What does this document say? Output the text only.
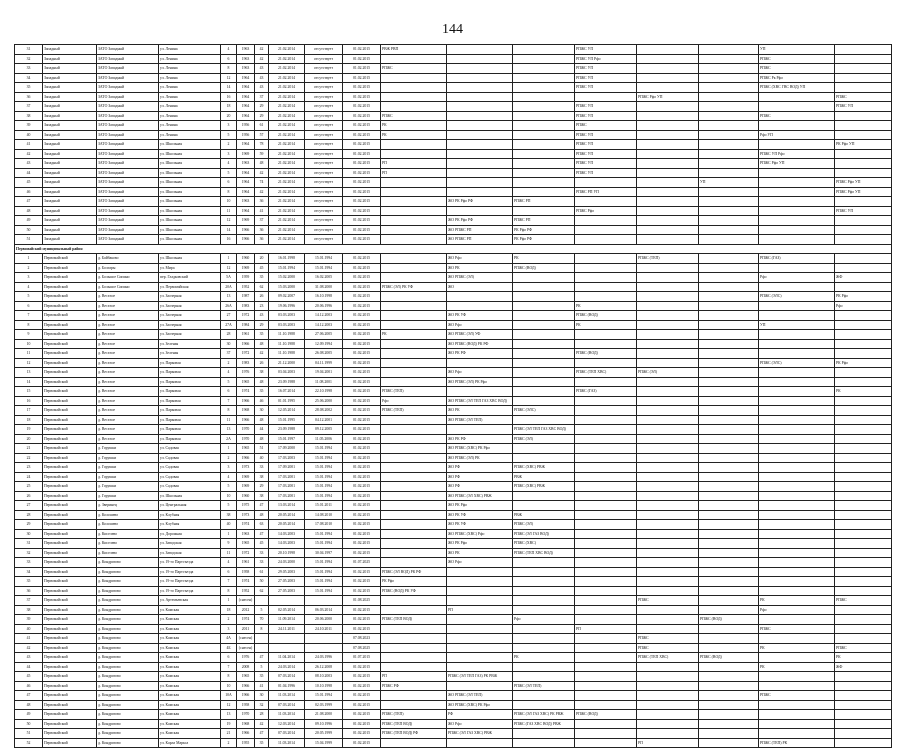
144
31	Западный	ЗАТО Западный	ул. Ленина	4	1963	42	21.02.2014	отсутствует	01.02.2015	РВЖ РВП			РПЖС УП			УП	
32	Западный	ЗАТО Западный	ул. Ленина	6	1963	42	21.02.2014	отсутствует	01.02.2015				РПЖС УП Рфо			РПЖС	
33	Западный	ЗАТО Западный	ул. Ленина	8	1963	43	21.02.2014	отсутствует	01.02.2015	РПЖС			РПЖС УП			РПЖС	
34	Западный	ЗАТО Западный	ул. Ленина	12	1964	43	21.02.2014	отсутствует	01.02.2015				РПЖС УП			РПЖС Рк Рфо	
35	Западный	ЗАТО Западный	ул. Ленина	14	1964	43	21.02.2014	отсутствует	01.02.2015				РПЖС УП			РПЖС (ХВС ГВС ВОД) УП	
36	Западный	ЗАТО Западный	ул. Ленина	16	1964	37	21.02.2014	отсутствует	01.02.2015					РПЖС Рфо УП			РПЖС
37	Западный	ЗАТО Западный	ул. Ленина	18	1964	29	21.02.2014	отсутствует	01.02.2015				РПЖС УП				РПЖС УП
38	Западный	ЗАТО Западный	ул. Ленина	20	1964	29	21.02.2014	отсутствует	01.02.2015	РПЖС			РПЖС УП			РПЖС	
39	Западный	ЗАТО Западный	ул. Ленина	3	1956	61	21.02.2014	отсутствует	01.02.2015	РК			РПЖС				
40	Западный	ЗАТО Западный	ул. Ленина	5	1956	57	21.02.2014	отсутствует	01.02.2015	РК			РПЖС УП			Рфо УП	
41	Западный	ЗАТО Западный	ул. Школьная	2	1964	78	21.02.2014	отсутствует	01.02.2015				РПЖС УП				РК Рфо УП
42	Западный	ЗАТО Западный	ул. Школьная	3	1969	59	21.02.2014	отсутствует	01.02.2015				РПЖС УП			РПЖС УП Рфо	
43	Западный	ЗАТО Западный	ул. Школьная	4	1963	48	21.02.2014	отсутствует	01.02.2015	РП			РПЖС УП			РПЖС Рфо УП	
44	Западный	ЗАТО Западный	ул. Школьная	5	1964	42	21.02.2014	отсутствует	01.02.2015	РП			РПЖС УП				
45	Западный	ЗАТО Западный	ул. Школьная	6	1964	74	21.02.2014	отсутствует	01.02.2015						УП		РПЖС Рфо УП
46	Западный	ЗАТО Западный	ул. Школьная	8	1964	42	21.02.2014	отсутствует	01.02.2015				РПЖС РП УП				РПЖС Рфо УП
47	Западный	ЗАТО Западный	ул. Школьная	10	1963	36	21.02.2014	отсутствует	01.02.2015		ЖО РК Рфо РФ	РПЖС РП					
48	Западный	ЗАТО Западный	ул. Школьная	11	1964	41	21.02.2014	отсутствует	01.02.2015				РПЖС Рфо				РПЖС УП
49	Западный	ЗАТО Западный	ул. Школьная	12	1969	37	21.02.2014	отсутствует	01.02.2015		ЖО РК Рфо РФ	РПЖС РП					
50	Западный	ЗАТО Западный	ул. Школьная	14	1966	36	21.02.2014	отсутствует	01.02.2015		ЖО РПЖС РП	РК Рфо РФ					
51	Западный	ЗАТО Западный	ул. Школьная	16	1966	36	21.02.2014	отсутствует	01.02.2015		ЖО РПЖС РП	РК Рфо РФ					
Первомайский муниципальный район																	
1	Первомайский	д. Байбаково	ул. Школьная	1	1960	20	16.01.1998	15.01.1994	01.02.2015		ЖО Рфо	РК		РПЖС (ТЕП)		РПЖС (ГАЗ)	
2	Первомайский	д. Болгары	ул. Мира	12	1969	45	15.01.1994	15.01.1994	01.02.2015		ЖО РК	РПЖС (ВОД)					
3	Первомайский	д. Большое Сипино	пер. Гладковский	5А	1959	35	15.02.2000	16.02.2005	01.02.2015		ЖО РПЖС (ЭЛ)					Рфо	ЖФ
4	Первомайский	д. Большое Сипино	ул. Первомайская	20А	1952	62	15.03.2000	31.08.2000	01.02.2015	РПЖС (ЭЛ) РК УФ	ЖО						
5	Первомайский	д. Веселое	ул. Заозерная	13	1987	26	09.02.2007	16.10.1998	01.02.2015							РПЖС (ЭЛС)	РК Рфо
6	Первомайский	д. Веселое	ул. Заозерная	26А	1983	23	19.06.1996	20.06.1996	01.02.2015				РК				Рфо
7	Первомайский	д. Веселое	ул. Заозерная	27	1972	43	03.03.2003	14.12.2003	01.02.2015		ЖО РК УФ		РПЖС (ВОД)				
8	Первомайский	д. Веселое	ул. Заозерная	27А	1984	29	03.03.2003	14.12.2003	01.02.2015		ЖО Рфо		РК			УП	
9	Первомайский	д. Веселое	ул. Заозерная	28	1961	35	11.10.1988	27.06.2005	01.02.2015	РК	ЖО РПЖС (ЭЛ) УФ						
10	Первомайский	д. Веселое	ул. Зеленая	30	1966	48	11.10.1988	12.09.1994	01.02.2015		ЖО РПЖС (ВОД) РК РФ						
11	Первомайский	д. Веселое	ул. Зеленая	37	1972	42	11.10.1988	26.08.2005	01.02.2015		ЖО РК РФ		РПЖС (ВОД)				
12	Первомайский	д. Веселое	ул. Парковая	2	1983	26	21.12.2000	04.11.1999	01.02.2015							РПЖС (ЭЛС)	РК Рфо
13	Первомайский	д. Веселое	ул. Парковая	4	1976	38	03.04.2003	19.04.2001	01.02.2015		ЖО Рфо		РПЖС (ТЕП ХВС)	РПЖС (ЭЛ)			
14	Первомайский	д. Веселое	ул. Парковая	5	1965	48	23.09.1988	11.08.2001	01.02.2015		ЖО РПЖС (ЭЛ) РК Рфо						
15	Первомайский	д. Веселое	ул. Парковая	6	1974	35	16.07.2014	22.10.1998	01.02.2015	РПЖС (ТЕП)			РПЖС (ГАЗ)				РК
16	Первомайский	д. Веселое	ул. Парковая	7	1966	46	01.01.1995	25.06.2000	01.02.2015	Рфо	ЖО РПЖС (ЭЛ ТЕП ГАЗ ХВС ВОД)						
17	Первомайский	д. Веселое	ул. Парковая	8	1968	30	12.05.2014	28.08.2002	01.02.2015	РПЖС (ТЕП)	ЖО РК	РПЖС (ЭЛС)					
18	Первомайский	д. Веселое	ул. Парковая	11	1966	48	15.01.1995	04.12.2001	01.02.2015		ЖО РПЖС (ЭЛ ТЕП)						
19	Первомайский	д. Веселое	ул. Парковая	13	1970	44	23.09.1988	09.12.2005	01.02.2015			РПЖС (ЭЛ ТЕП ГАЗ ХВС ВОД)					
20	Первомайский	д. Веселое	ул. Парковая	2А	1970	48	15.01.1997	11.05.2006	01.02.2015		ЖО РК РФ	РПЖС (ЭЛ)					
21	Первомайский	д. Горушки	ул. Садовая	1	1965	51	17.09.2000	15.01.1994	01.02.2015		ЖО РПЖС (ХВС) РК Рфо						
22	Первомайский	д. Горушки	ул. Садовая	2	1966	40	17.03.2003	15.01.1994	01.02.2015		ЖО РПЖС (ЭЛ) РК						
23	Первомайский	д. Горушки	ул. Садовая	3	1973	33	17.09.2001	15.01.1994	01.02.2015		ЖО РФ	РПЖС (ХВС) РВЖ					
24	Первомайский	д. Горушки	ул. Садовая	4	1969	38	17.03.2001	15.01.1994	01.02.2015		ЖО РФ	РВЖ					
25	Первомайский	д. Горушки	ул. Садовая	5	1969	29	17.03.2001	15.01.1994	01.02.2015		ЖО РФ	РПЖС (ХВС) РВЖ					
26	Первомайский	д. Горушки	ул. Школьная	10	1960	38	17.03.2001	15.01.1994	01.02.2015		ЖО РПЖС (ЭЛ ХВС) РВЖ						
27	Первомайский	д. Зверинец	ул. Центральная	5	1975	47	13.03.2014	15.01.2011	01.02.2015		ЖО РК Рфо						
28	Первомайский	д. Колошево	ул. Клубная	38	1973	48	20.05.2014	14.08.2010	01.02.2015		ЖО РК УФ	РВЖ					
29	Первомайский	д. Колошево	ул. Клубная	40	1974	63	20.05.2014	17.08.2010	01.02.2015		ЖО РК УФ	РПЖС (ЭЛ)					
30	Первомайский	д. Киселево	ул. Дорожная	1	1963	47	14.03.2003	15.01.1994	01.02.2015		ЖО РПЖС (ХВС) Рфо	РПЖС (ЭЛ ГАЗ ВОД)					
31	Первомайский	д. Киселево	ул. Заводская	9	1965	45	14.03.2003	15.01.1994	01.02.2015		ЖО РК Рфо	РПЖС (ХВС)					
32	Первомайский	д. Киселево	ул. Заводская	11	1972	33	20.10.1998	30.04.1997	01.02.2015		ЖО РК	РПЖС (ТЕП ХВС ВОД)					
33	Первомайский	д. Кондратово	ул. 19-го Партсъезда	4	1961	33	24.03.2000	15.01.1994	01.07.2025		ЖО Рфо						
34	Первомайский	д. Кондратово	ул. 19-го Партсъезда	6	1958	61	29.05.2003	15.01.1994	01.02.2015	РПЖС (ЭЛ ВОД) РК РФ							
35	Первомайский	д. Кондратово	ул. 19-го Партсъезда	7	1974	50	27.05.2003	15.01.1994	01.02.2015	РК Рфо							
36	Первомайский	д. Кондратово	ул. 19-го Партсъезда	8	1952	62	27.05.2003	15.01.1994	01.02.2015	РПЖС (ВОД) РК УФ							
37	Первомайский	д. Кондратово	ул. Артемьевская	1	(снесен)				01.08.2025					РПЖС		РК	РПЖС
38	Первомайский	д. Кондратово	ул. Камская	18	2012	5	02.05.2014	06.03.2014	01.02.2015		РП					Рфо	
39	Первомайский	д. Кондратово	ул. Камская	2	1974	70	11.09.2014	20.06.2000	01.02.2015	РПЖС (ТЕП ВОД)		Рфо			РПЖС (ВОД)		
40	Первомайский	д. Кондратово	ул. Камская	3	2011	8	24.11.2011	24.10.2011	01.02.2015				РП			РПЖС	
41	Первомайский	д. Кондратово	ул. Камская	4А	(снесен)				07.08.2023					РПЖС			
42	Первомайский	д. Кондратово	ул. Камская	4Б	(снесен)				07.08.2025					РПЖС		РК	РПЖС
43	Первомайский	д. Кондратово	ул. Камская	6	1976	47	11.04.2014	24.03.1996	01.07.2015			РК		РПЖС (ТЕП ХВС)	РПЖС (ВОД)		РК
44	Первомайский	д. Кондратово	ул. Камская	7	2008	5	24.03.2014	26.12.2008	01.02.2015							РК	ЖФ
45	Первомайский	д. Кондратово	ул. Камская	8	1965	35	07.03.2014	08.10.2003	01.02.2015	РП	РПЖС (ЭЛ ТЕП ГАЗ) РК РВЖ						
46	Первомайский	д. Кондратово	ул. Камская	10	1966	41	01.04.1996	10.10.1998	01.02.2015	РПЖС РФ		РПЖС (ЭЛ ТЕП)					
47	Первомайский	д. Кондратово	ул. Камская	10А	1966	30	11.03.2014	15.01.1994	01.02.2015		ЖО РПЖС (ЭЛ ТЕП)					РПЖС	
48	Первомайский	д. Кондратово	ул. Камская	12	1958	32	07.03.2014	02.03.1999	01.02.2015		ЖО РПЖС (ХВС) РК Рфо						
49	Первомайский	д. Кондратово	ул. Камская	13	1970	28	11.03.2014	21.08.2000	01.02.2015	РПЖС (ТЕП)	РФ	РПЖС (ЭЛ ГАЗ ХВС) РК РВЖ	РПЖС (ВОД)				
50	Первомайский	д. Кондратово	ул. Камская	19	1968	42	12.03.2014	09.10.1996	01.02.2015	РПЖС (ТЕП ВОД)	ЖО Рфо	РПЖС (ГАЗ ХВС ВОД) РВЖ					
51	Первомайский	д. Кондратово	ул. Камская	21	1966	47	07.03.2014	20.05.1999	01.02.2015	РПЖС (ТЕП ВОД) РФ	РПЖС (ЭЛ ГАЗ ХВС) РВЖ						
52	Первомайский	д. Кондратово	ул. Карла Маркса	2	1955	35	11.03.2014	15.04.1999	01.02.2015					РП		РПЖС (ТЕП) РК	
